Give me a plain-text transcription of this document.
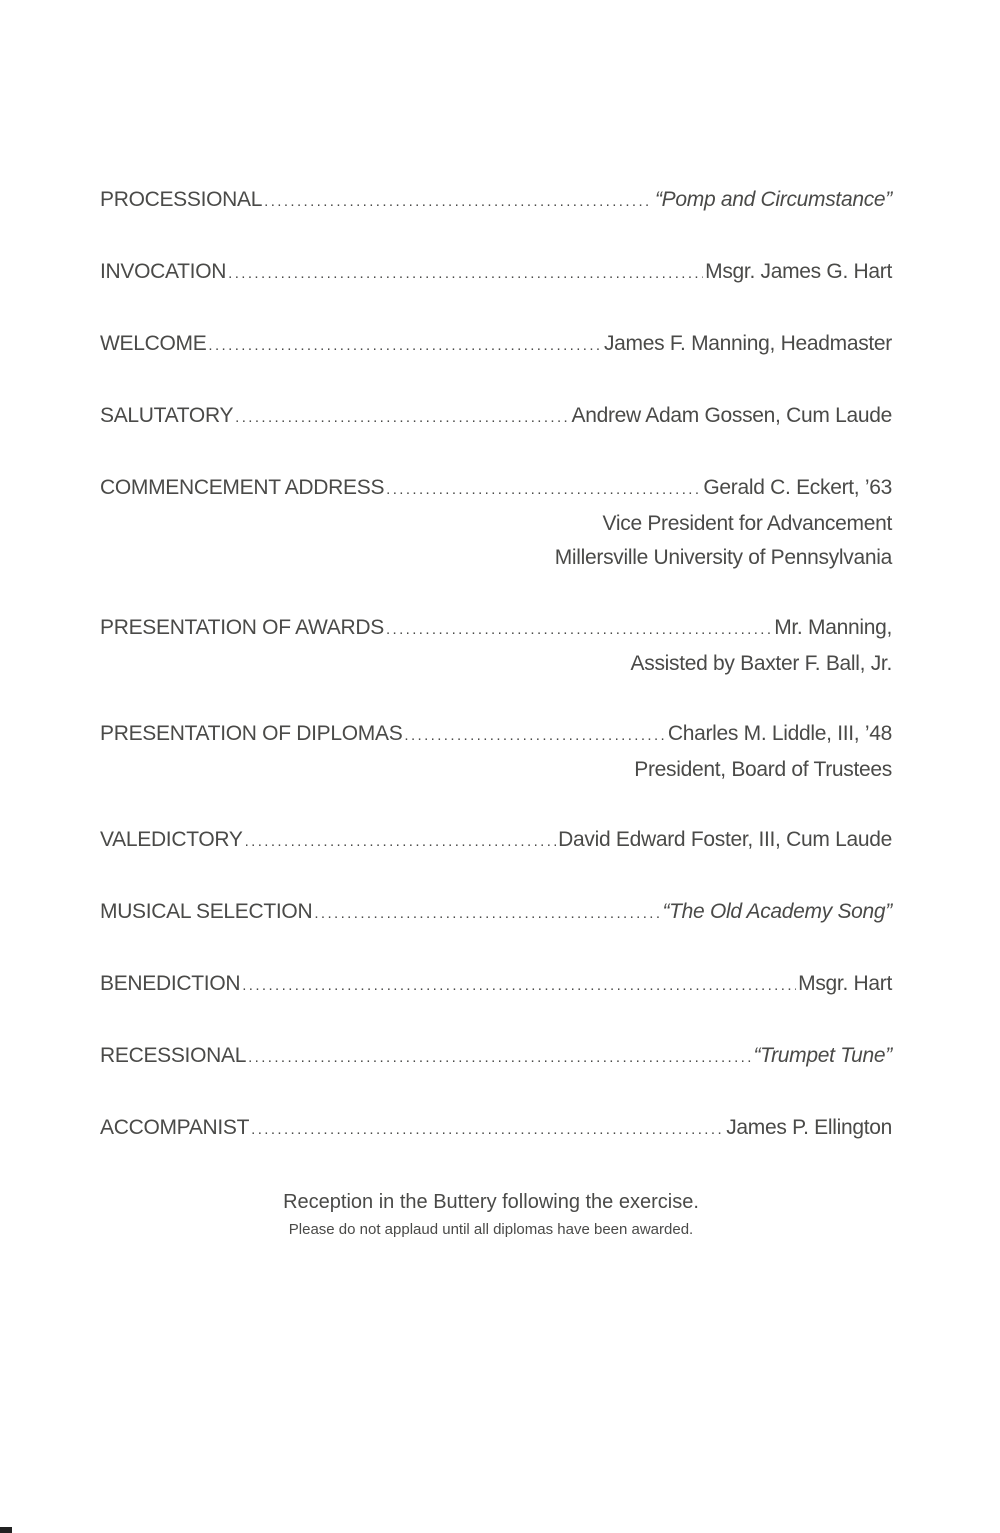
PROCESSIONAL .....	“Pomp and Circumstance”
INVOCATION .....	Msgr. James G. Hart
WELCOME .....	James F. Manning, Headmaster
SALUTATORY .....	Andrew Adam Gossen, Cum Laude
COMMENCEMENT ADDRESS .....	Gerald C. Eckert, ’63
Vice President for Advancement
Millersville University of Pennsylvania
PRESENTATION OF AWARDS .....	Mr. Manning,
Assisted by Baxter F. Ball, Jr.
PRESENTATION OF DIPLOMAS .....	Charles M. Liddle, III, ’48
President, Board of Trustees
VALEDICTORY .....	David Edward Foster, III, Cum Laude
MUSICAL SELECTION .....	“The Old Academy Song”
BENEDICTION .....	Msgr. Hart
RECESSIONAL .....	“Trumpet Tune”
ACCOMPANIST .....	James P. Ellington
Reception in the Buttery following the exercise.
Please do not applaud until all diplomas have been awarded.
